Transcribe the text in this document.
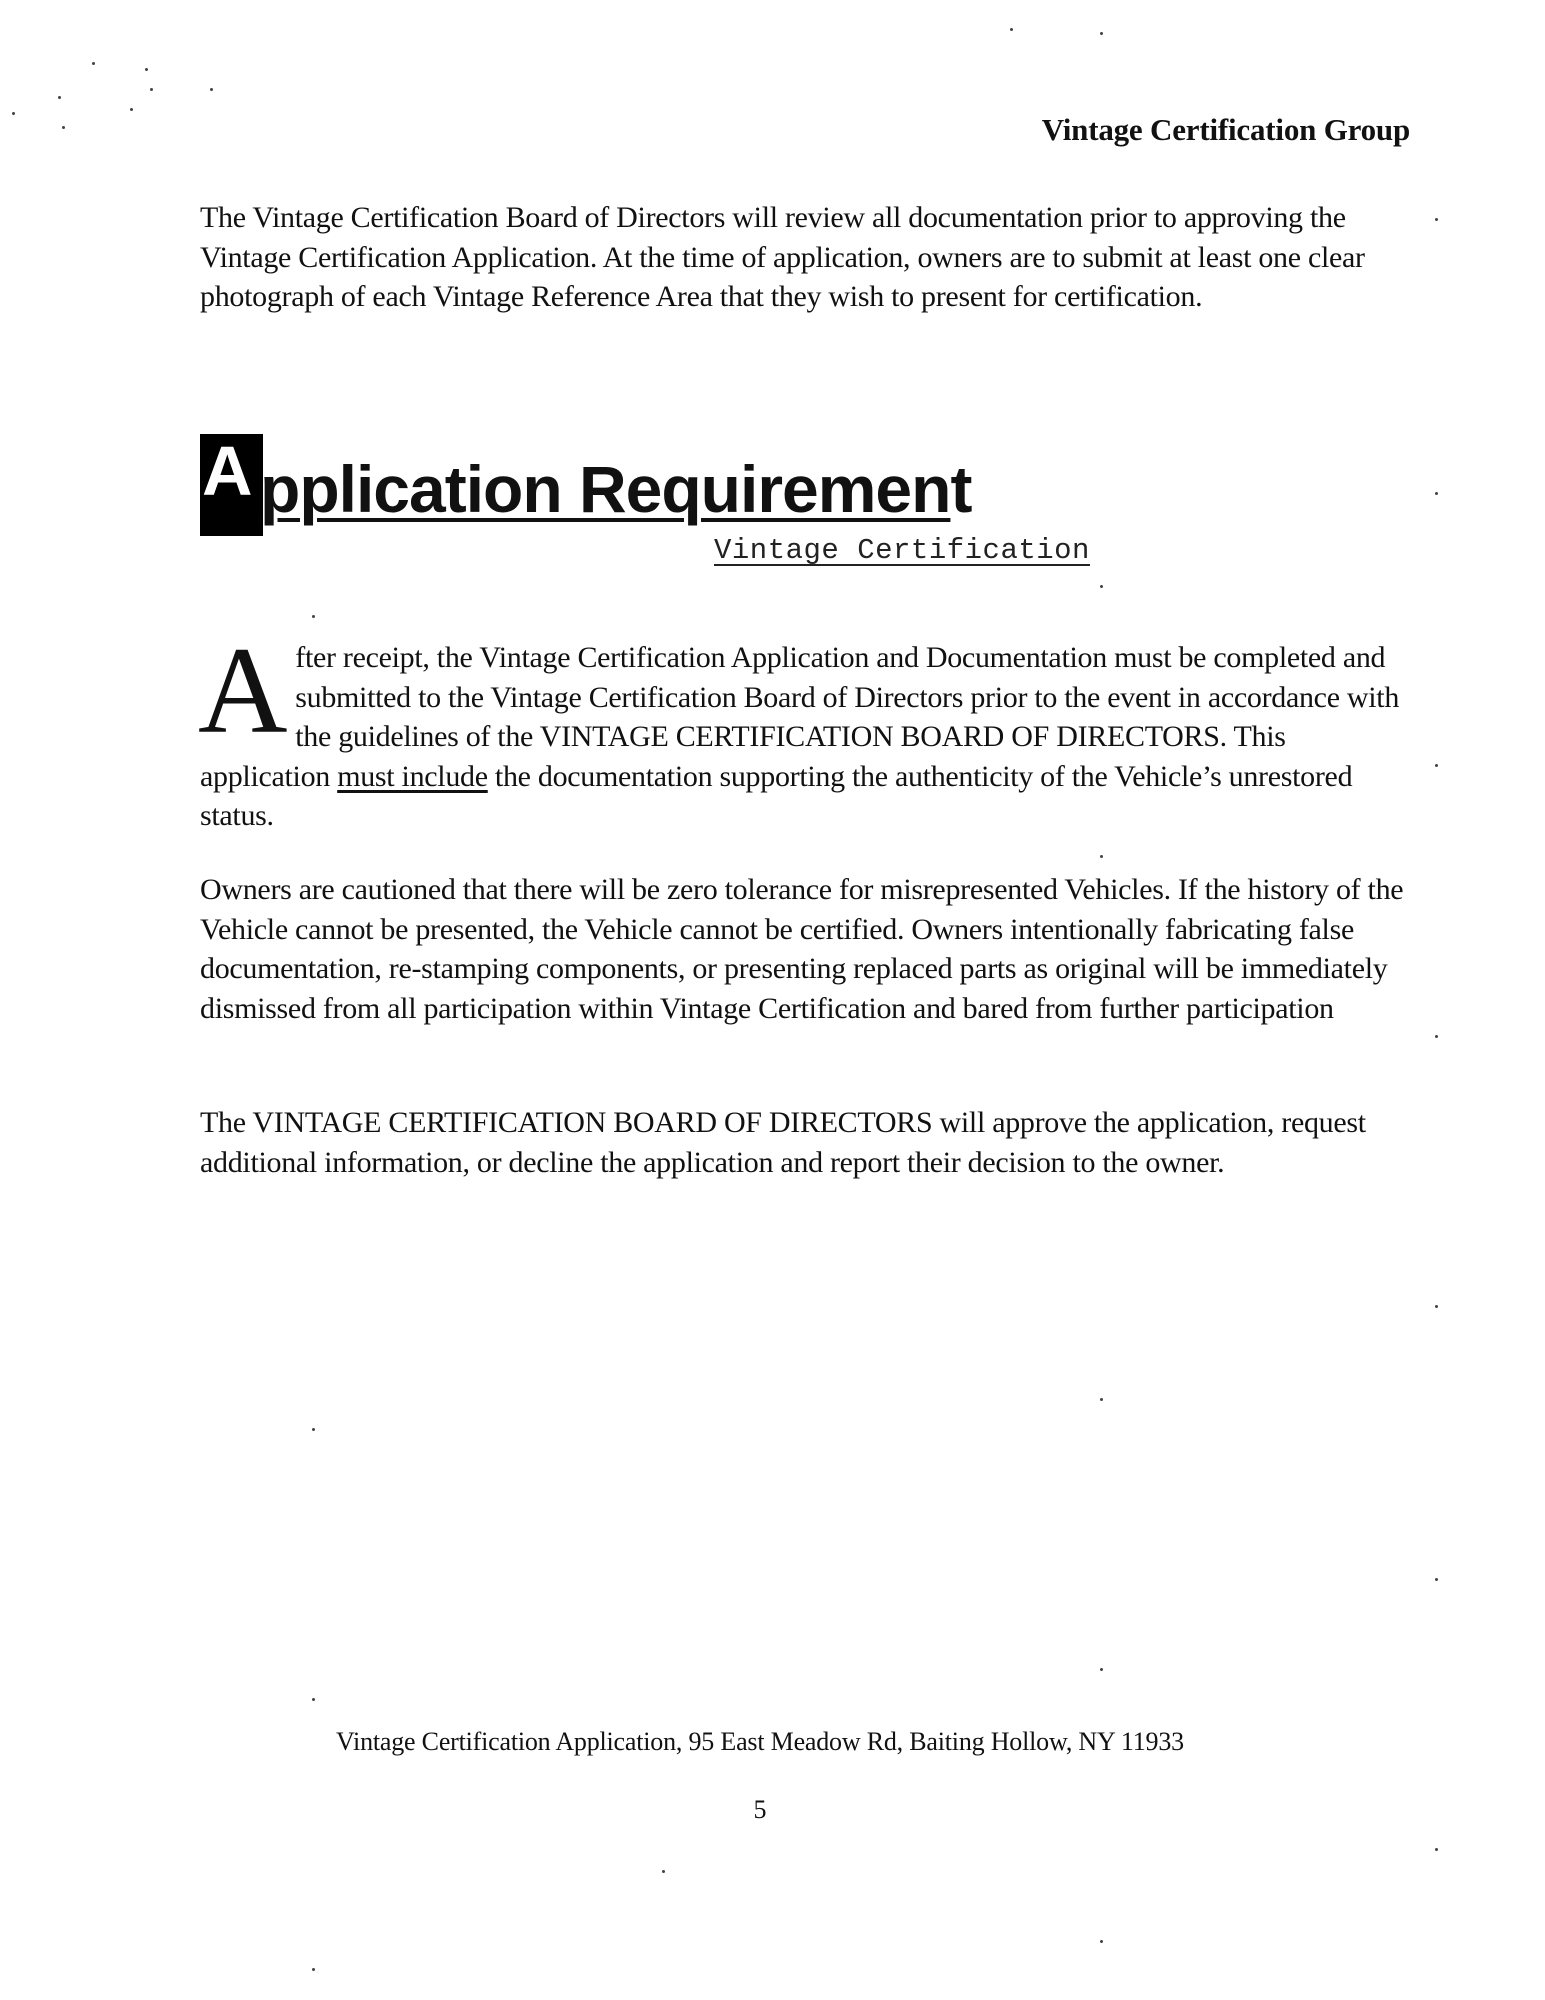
Vintage Certification Group
The Vintage Certification Board of Directors will review all documentation prior to approving the Vintage Certification Application. At the time of application, owners are to submit at least one clear photograph of each Vintage Reference Area that they wish to present for certification.
A pplication Requirement
Vintage Certification
After receipt, the Vintage Certification Application and Documentation must be completed and submitted to the Vintage Certification Board of Directors prior to the event in accordance with the guidelines of the VINTAGE CERTIFICATION BOARD OF DIRECTORS. This application must include the documentation supporting the authenticity of the Vehicle’s unrestored status.
Owners are cautioned that there will be zero tolerance for misrepresented Vehicles. If the history of the Vehicle cannot be presented, the Vehicle cannot be certified. Owners intentionally fabricating false documentation, re-stamping components, or presenting replaced parts as original will be immediately dismissed from all participation within Vintage Certification and bared from further participation
The VINTAGE CERTIFICATION BOARD OF DIRECTORS will approve the application, request additional information, or decline the application and report their decision to the owner.
Vintage Certification Application, 95 East Meadow Rd, Baiting Hollow, NY 11933
5
